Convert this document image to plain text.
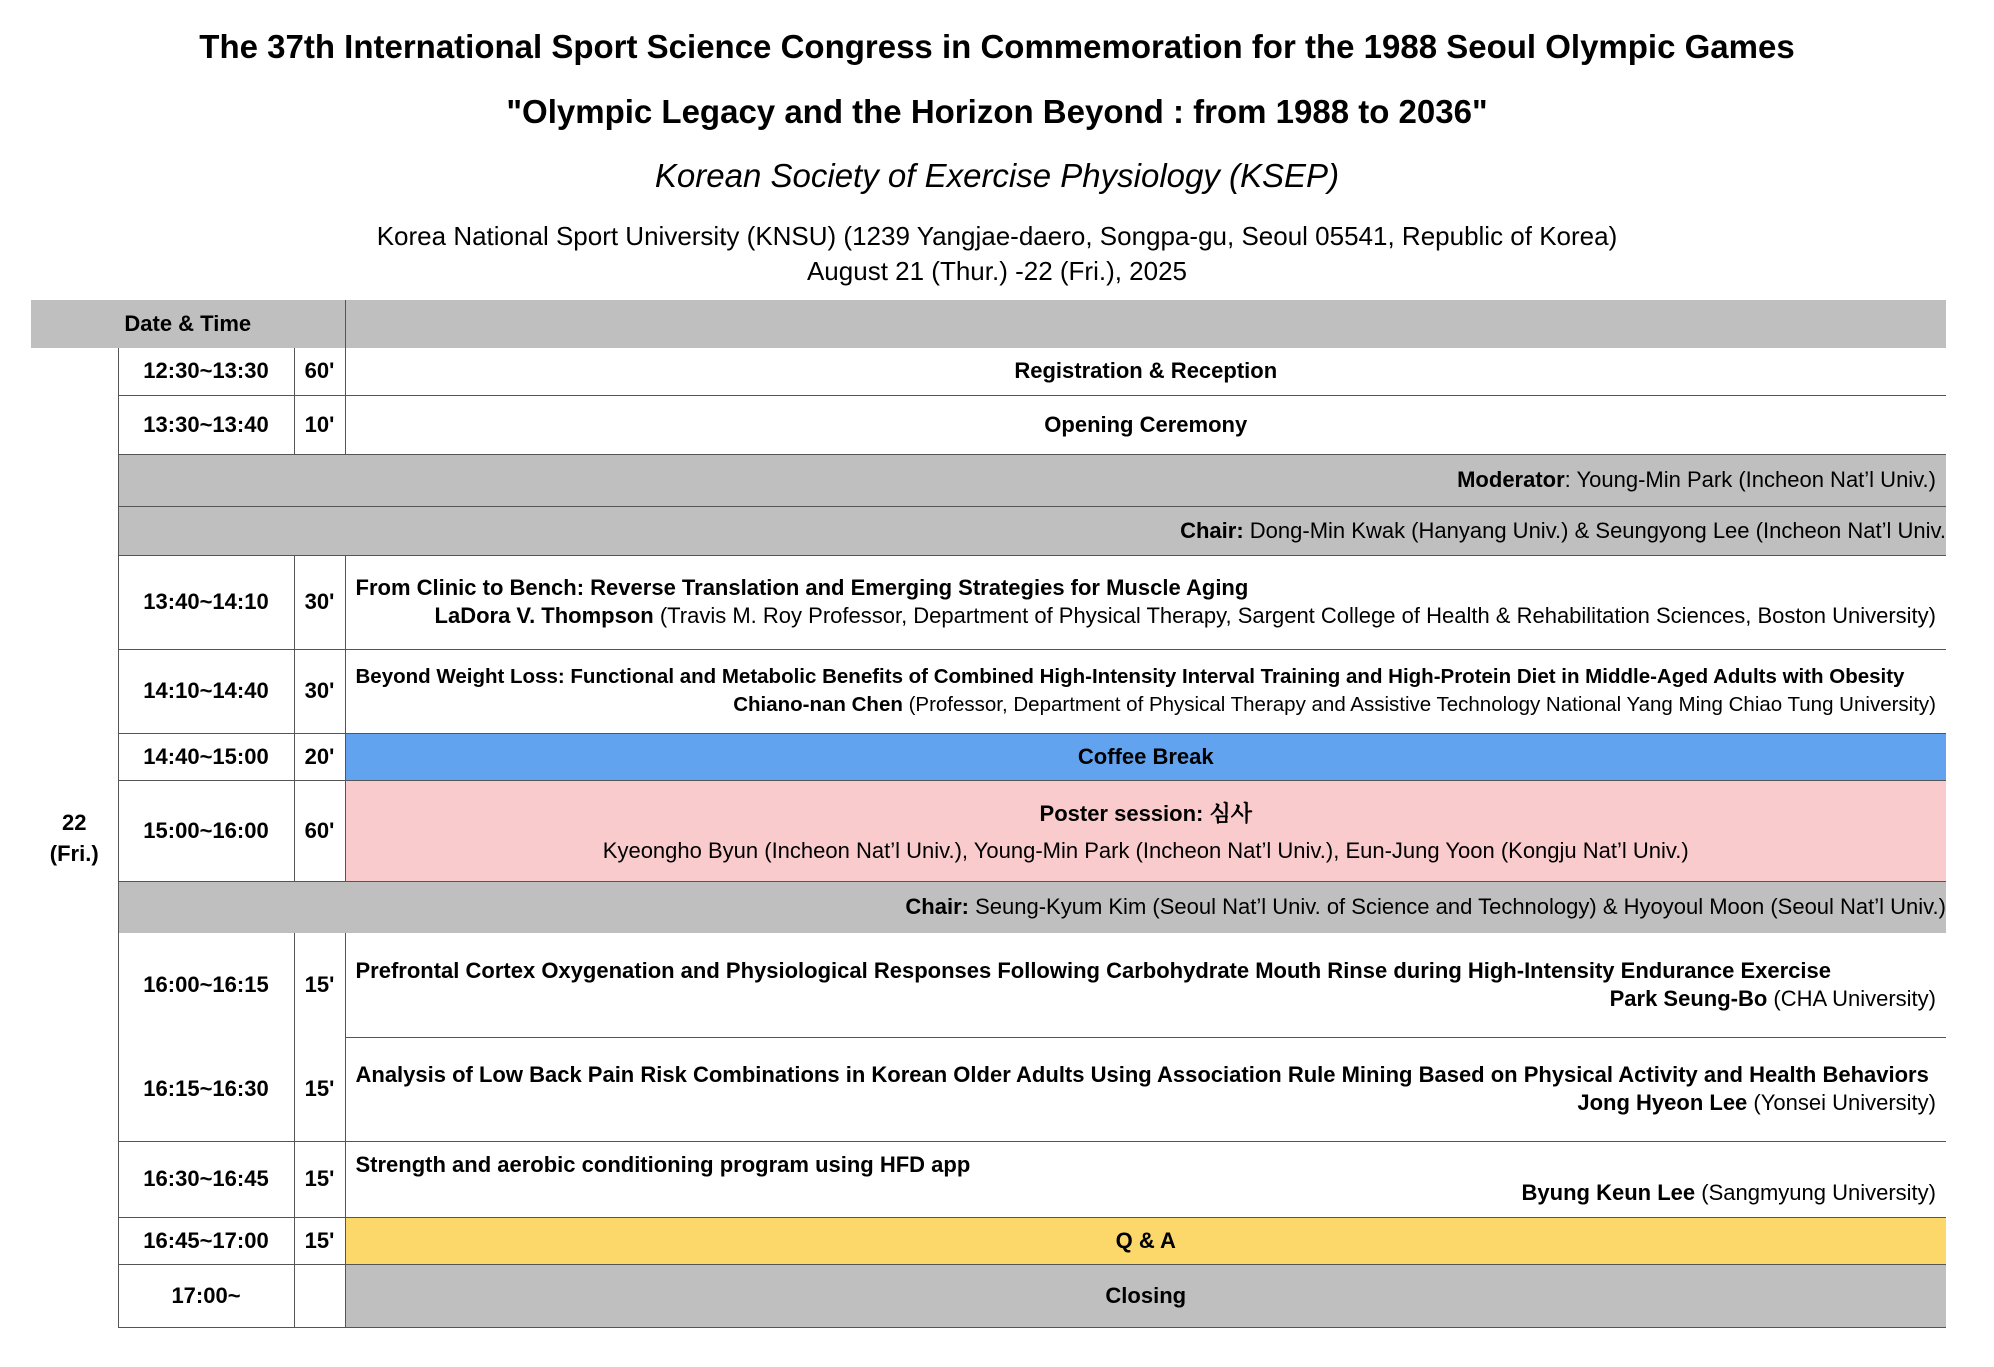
The 37th International Sport Science Congress in Commemoration for the 1988 Seoul Olympic Games
"Olympic Legacy and the Horizon Beyond : from 1988 to 2036"
Korean Society of Exercise Physiology (KSEP)
Korea National Sport University (KNSU) (1239 Yangjae-daero, Songpa-gu, Seoul 05541, Republic of Korea)
August 21 (Thur.) -22 (Fri.), 2025
Date & Time			

22
(Fri.)	12:30~13:30	60'	Registration & Reception
	13:30~13:40	10'	Opening Ceremony
	Moderator: Young-Min Park (Incheon Nat’l Univ.)		
	Chair: Dong-Min Kwak (Hanyang Univ.) & Seungyong Lee (Incheon Nat’l Univ.		
	13:40~14:10	30'	From Clinic to Bench: Reverse Translation and Emerging Strategies for Muscle Aging
LaDora V. Thompson (Travis M. Roy Professor, Department of Physical Therapy, Sargent College of Health & Rehabilitation Sciences, Boston University)

	14:10~14:40	30'	Beyond Weight Loss: Functional and Metabolic Benefits of Combined High-Intensity Interval Training and High-Protein Diet in Middle-Aged Adults with Obesity
Chiano-nan Chen (Professor, Department of Physical Therapy and Assistive Technology National Yang Ming Chiao Tung University)

	14:40~15:00	20'	Coffee Break
	15:00~16:00	60'	Poster session: 심사
Kyeongho Byun (Incheon Nat’l Univ.), Young-Min Park (Incheon Nat’l Univ.), Eun-Jung Yoon (Kongju Nat’l Univ.)

	Chair: Seung-Kyum Kim (Seoul Nat’l Univ. of Science and Technology) & Hyoyoul Moon (Seoul Nat’l Univ.)		
	16:00~16:15	15'	Prefrontal Cortex Oxygenation and Physiological Responses Following Carbohydrate Mouth Rinse during High-Intensity Endurance Exercise
Park Seung-Bo (CHA University)

	16:15~16:30	15'	Analysis of Low Back Pain Risk Combinations in Korean Older Adults Using Association Rule Mining Based on Physical Activity and Health Behaviors
Jong Hyeon Lee (Yonsei University)

	16:30~16:45	15'	Strength and aerobic conditioning program using HFD app
Byung Keun Lee (Sangmyung University)

	16:45~17:00	15'	Q & A
	17:00~		Closing
